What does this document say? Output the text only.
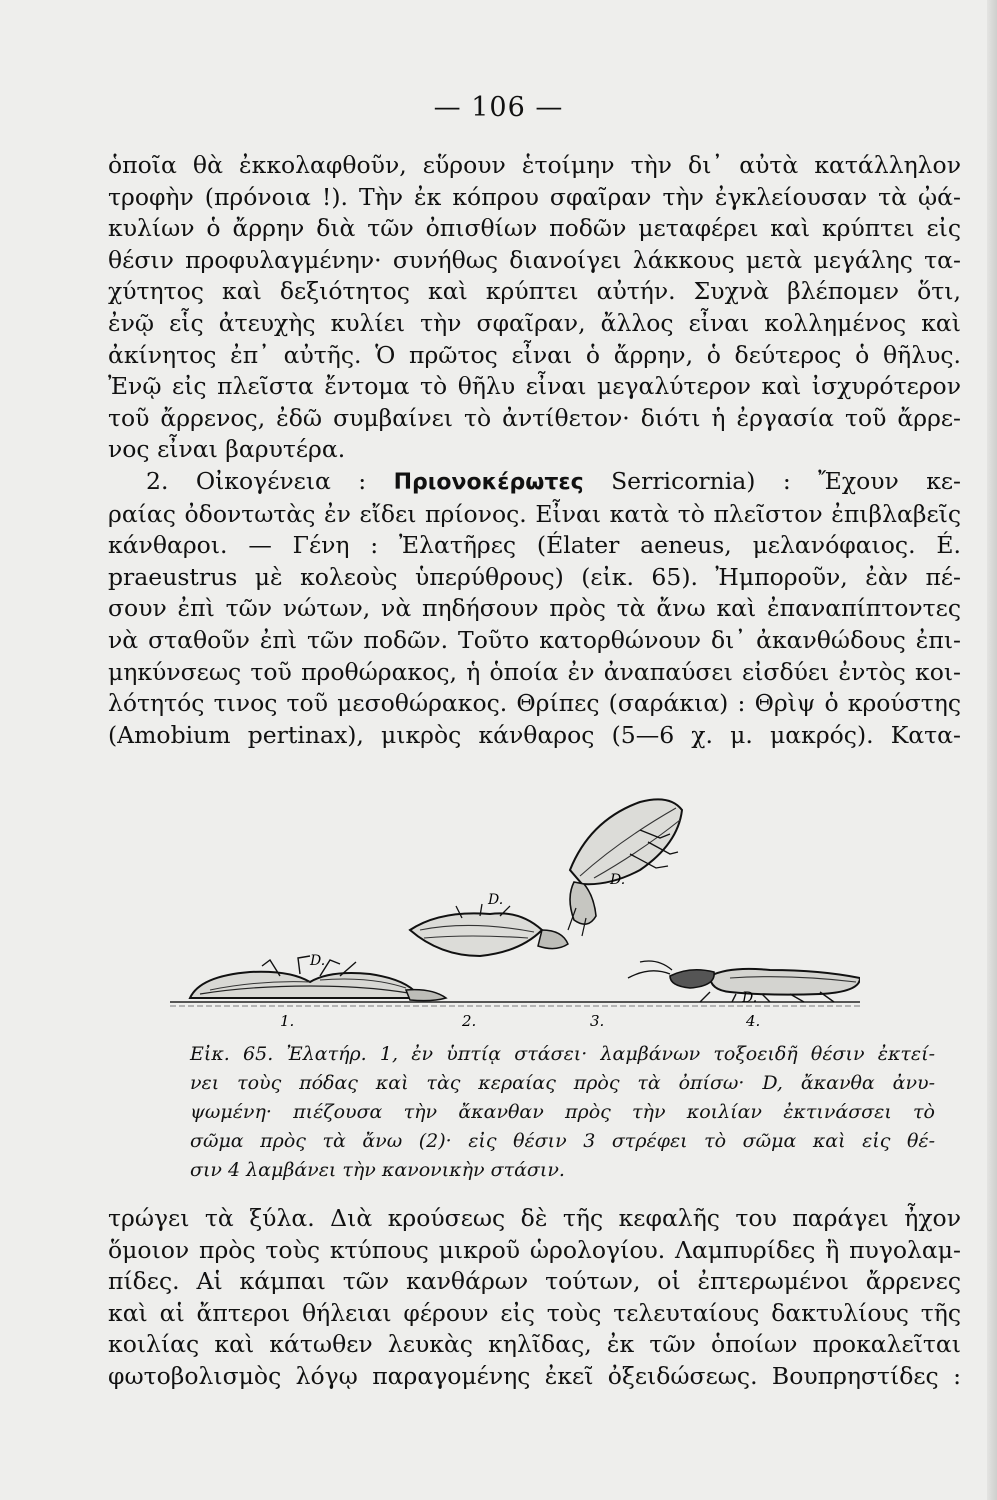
— 106 —
ὁποῖα θὰ ἐκκολαφθοῦν, εὕρουν ἑτοίμην τὴν δι᾿ αὐτὰ κατάλληλον
τροφὴν (πρόνοια !). Τὴν ἐκ κόπρου σφαῖραν τὴν ἐγκλείουσαν τὰ ᾠά-
κυλίων ὁ ἄρρην διὰ τῶν ὀπισθίων ποδῶν μεταφέρει καὶ κρύπτει εἰς
θέσιν προφυλαγμένην· συνήθως διανοίγει λάκκους μετὰ μεγάλης τα-
χύτητος καὶ δεξιότητος καὶ κρύπτει αὐτήν. Συχνὰ βλέπομεν ὅτι,
ἐνῷ εἷς ἀτευχὴς κυλίει τὴν σφαῖραν, ἄλλος εἶναι κολλημένος καὶ
ἀκίνητος ἐπ᾿ αὐτῆς. Ὁ πρῶτος εἶναι ὁ ἄρρην, ὁ δεύτερος ὁ θῆλυς.
Ἐνῷ εἰς πλεῖστα ἔντομα τὸ θῆλυ εἶναι μεγαλύτερον καὶ ἰσχυρότερον
τοῦ ἄρρενος, ἐδῶ συμβαίνει τὸ ἀντίθετον· διότι ἡ ἐργασία τοῦ ἄρρε-
νος εἶναι βαρυτέρα.
2. Οἰκογένεια : Πριονοκέρωτες Serricornia) : Ἔχουν κε-
ραίας ὀδοντωτὰς ἐν εἴδει πρίονος. Εἶναι κατὰ τὸ πλεῖστον ἐπιβλαβεῖς
κάνθαροι. — Γένη : Ἐλατῆρες (Élater aeneus, μελανόφαιος. É.
praeustrus μὲ κολεοὺς ὑπερύθρους) (εἰκ. 65). Ἠμποροῦν, ἐὰν πέ-
σουν ἐπὶ τῶν νώτων, νὰ πηδήσουν πρὸς τὰ ἄνω καὶ ἐπαναπίπτοντες
νὰ σταθοῦν ἐπὶ τῶν ποδῶν. Τοῦτο κατορθώνουν δι᾿ ἀκανθώδους ἐπι-
μηκύνσεως τοῦ προθώρακος, ἡ ὁποία ἐν ἀναπαύσει εἰσδύει ἐντὸς κοι-
λότητός τινος τοῦ μεσοθώρακος. Θρίπες (σαράκια) : Θρὶψ ὁ κρούστης
(Amobium pertinax), μικρὸς κάνθαρος (5—6 χ. μ. μακρός). Κατα-
D.
D.
D.
D.
1.	2.	3.	4.
Εἰκ. 65. Ἐλατήρ. 1, ἐν ὑπτίᾳ στάσει· λαμβάνων τοξοειδῆ θέσιν ἐκτεί-
νει τοὺς πόδας καὶ τὰς κεραίας πρὸς τὰ ὀπίσω· D, ἄκανθα ἀνυ-
ψωμένη· πιέζουσα τὴν ἄκανθαν πρὸς τὴν κοιλίαν ἐκτινάσσει τὸ
σῶμα πρὸς τὰ ἄνω (2)· εἰς θέσιν 3 στρέφει τὸ σῶμα καὶ εἰς θέ-
σιν 4 λαμβάνει τὴν κανονικὴν στάσιν.
τρώγει τὰ ξύλα. Διὰ κρούσεως δὲ τῆς κεφαλῆς του παράγει ἦχον
ὅμοιον πρὸς τοὺς κτύπους μικροῦ ὡρολογίου. Λαμπυρίδες ἢ πυγολαμ-
πίδες. Αἱ κάμπαι τῶν κανθάρων τούτων, οἱ ἐπτερωμένοι ἄρρενες
καὶ αἱ ἄπτεροι θήλειαι φέρουν εἰς τοὺς τελευταίους δακτυλίους τῆς
κοιλίας καὶ κάτωθεν λευκὰς κηλῖδας, ἐκ τῶν ὁποίων προκαλεῖται
φωτοβολισμὸς λόγῳ παραγομένης ἐκεῖ ὀξειδώσεως. Βουπρηστίδες :
